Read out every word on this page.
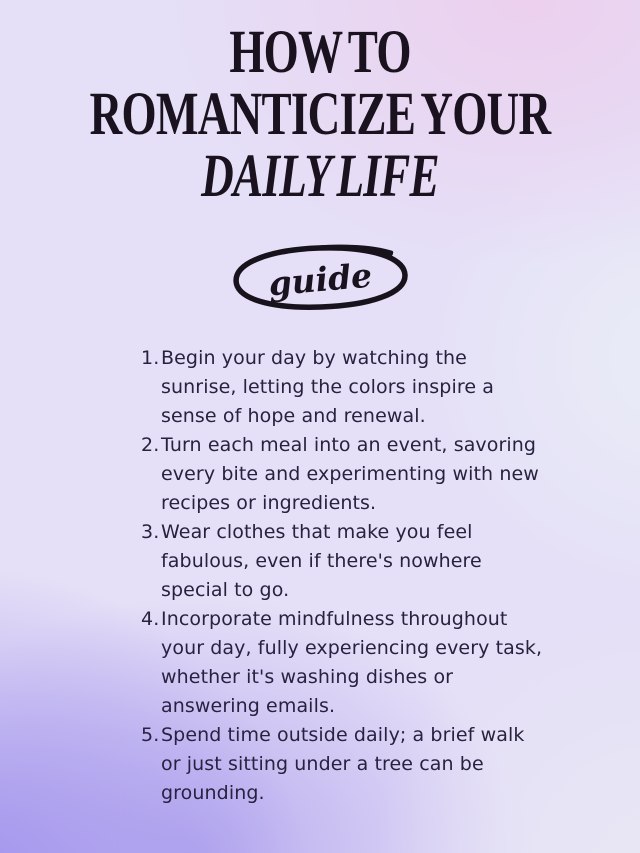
HOW TO
ROMANTICIZE YOUR
DAILY LIFE
guide
1. Begin your day by watching the sunrise, letting the colors inspire a sense of hope and renewal.
2. Turn each meal into an event, savoring every bite and experimenting with new recipes or ingredients.
3. Wear clothes that make you feel fabulous, even if there's nowhere special to go.
4. Incorporate mindfulness throughout your day, fully experiencing every task, whether it's washing dishes or answering emails.
5. Spend time outside daily; a brief walk or just sitting under a tree can be grounding.
